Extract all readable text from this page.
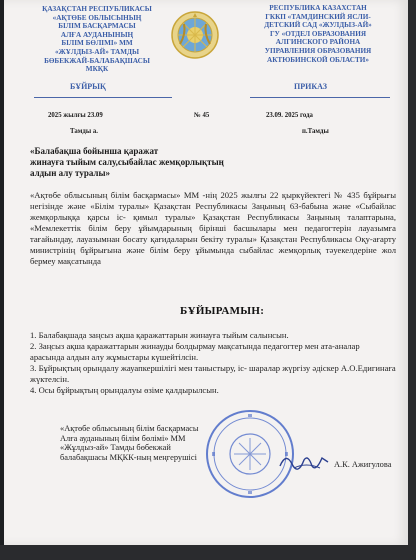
ҚАЗАҚСТАН РЕСПУБЛИКАСЫ
«АҚТӨБЕ ОБЛЫСЫНЫҢ
БІЛІМ БАСҚАРМАСЫ
АЛҒА АУДАНЫНЫҢ
БІЛІМ БӨЛІМІ» ММ
«ЖҰЛДЫЗ-АЙ» ТАМДЫ
БӨБЕКЖАЙ-БАЛАБАҚШАСЫ
МКҚК
РЕСПУБЛИКА КАЗАХСТАН
ГККП «ТАМДИНСКИЙ ЯСЛИ-
ДЕТСКИЙ САД «ЖУЛДЫЗ-АЙ»
ГУ «ОТДЕЛ ОБРАЗОВАНИЯ
АЛГИНСКОГО РАЙОНА
УПРАВЛЕНИЯ ОБРАЗОВАНИЯ
АКТЮБИНСКОЙ ОБЛАСТИ»
БҰЙРЫҚ	ПРИКАЗ
2025 жылғы 23.09	№ 45	23.09. 2025 года
Тамды а.	п.Тамды
«Балабақша бойынша қаражат
жинауға тыйым салу,сыбайлас жемқорлықтың
алдын алу туралы»
«Ақтөбе облысының білім басқармасы» ММ -нің 2025 жылғы 22 қыркүйектегі № 435 бұйрығы негізінде және «Білім туралы» Қазақстан Республикасы Заңының 63-бабына және «Сыбайлас жемқорлыққа қарсы іс- қимыл туралы» Қазақстан Республикасы Заңының талаптарына, «Мемлекеттік білім беру ұйымдарының бірінші басшылары мен педагогтерін лауазымға тағайындау, лауазымнан босату қағидаларын бекіту туралы» Қазақстан Республикасы Оқу-ағарту министрінің бұйрығына және білім беру ұйымында сыбайлас жемқорлық тәуекелдеріне жол бермеу мақсатында
БҰЙЫРАМЫН:
1. Балабақшада заңсыз ақша қаражаттарын жинауға тыйым салынсын.
2. Заңсыз ақша қаражаттарын жинауды болдырмау мақсатында педагогтер мен ата-аналар арасында алдын алу жұмыстары күшейтілсін.
3. Бұйрықтың орындалу жауапкершілігі мен таныстыру, іс- шаралар жүргізу әдіскер А.О.Едигинаға жүктелсін.
4. Осы бұйрықтың орындалуы өзіме қалдырылсын.
«Ақтөбе облысының білім басқармасы
Алға ауданының білім бөлімі» ММ
«Жұлдыз-ай» Тамды бөбекжай
балабақшасы МҚКК-ның меңгерушісі
А.К. Ажигулова
